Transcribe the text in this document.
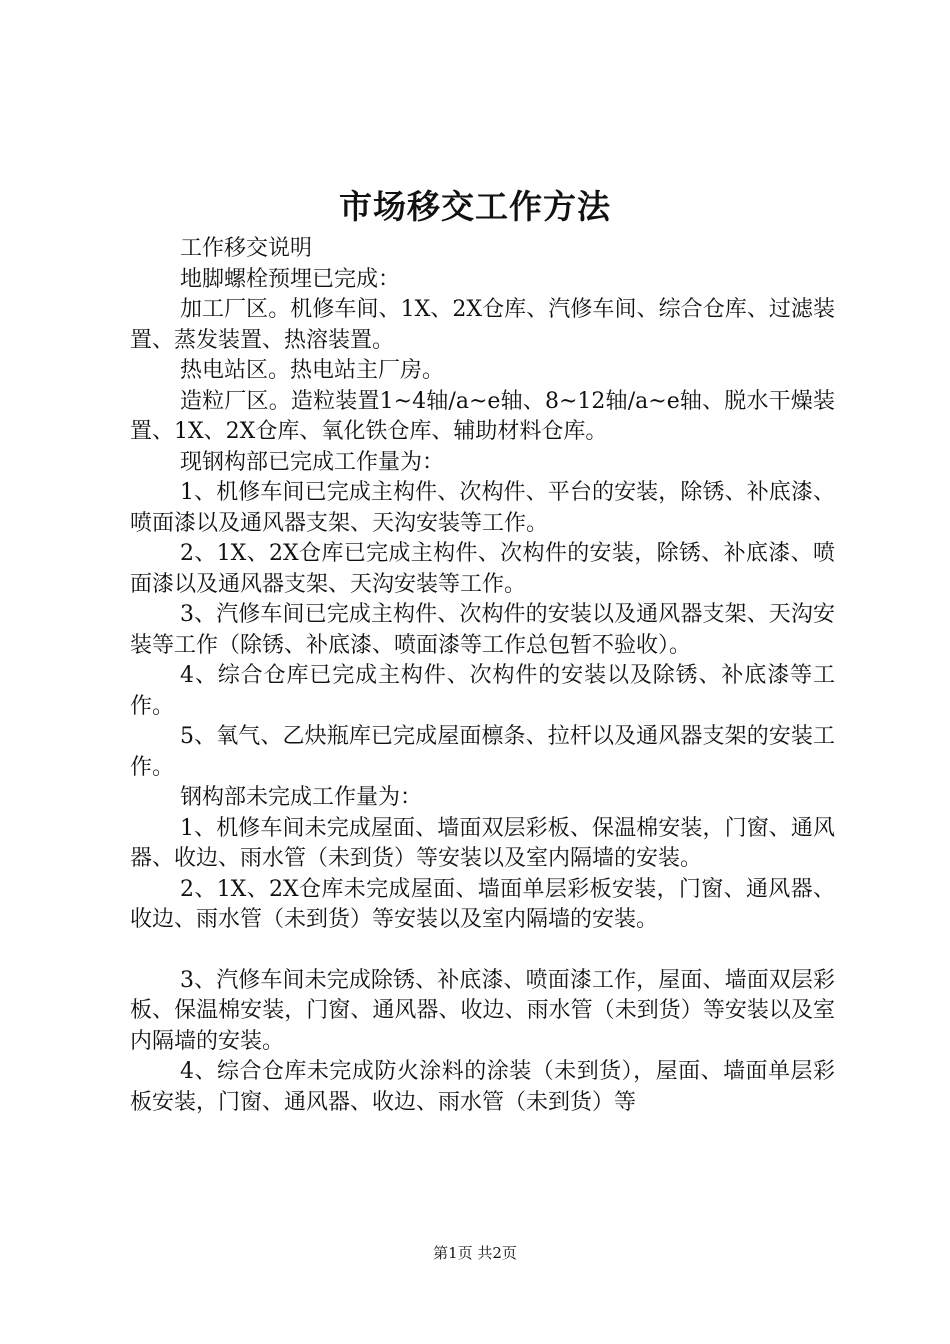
市场移交工作方法

工作移交说明

地脚螺栓预埋已完成：

加工厂区。机修车间、1X、2X仓库、汽修车间、综合仓库、过滤装置、蒸发装置、热溶装置。

热电站区。热电站主厂房。

造粒厂区。造粒装置1~4轴/a~e轴、8~12轴/a~e轴、脱水干燥装置、1X、2X仓库、氧化铁仓库、辅助材料仓库。

现钢构部已完成工作量为：

1、机修车间已完成主构件、次构件、平台的安装，除锈、补底漆、喷面漆以及通风器支架、天沟安装等工作。

2、1X、2X仓库已完成主构件、次构件的安装，除锈、补底漆、喷面漆以及通风器支架、天沟安装等工作。

3、汽修车间已完成主构件、次构件的安装以及通风器支架、天沟安装等工作（除锈、补底漆、喷面漆等工作总包暂不验收）。

4、综合仓库已完成主构件、次构件的安装以及除锈、补底漆等工作。

5、氧气、乙炔瓶库已完成屋面檩条、拉杆以及通风器支架的安装工作。

钢构部未完成工作量为：

1、机修车间未完成屋面、墙面双层彩板、保温棉安装，门窗、通风器、收边、雨水管（未到货）等安装以及室内隔墙的安装。

2、1X、2X仓库未完成屋面、墙面单层彩板安装，门窗、通风器、收边、雨水管（未到货）等安装以及室内隔墙的安装。

3、汽修车间未完成除锈、补底漆、喷面漆工作，屋面、墙面双层彩板、保温棉安装，门窗、通风器、收边、雨水管（未到货）等安装以及室内隔墙的安装。

4、综合仓库未完成防火涂料的涂装（未到货），屋面、墙面单层彩板安装，门窗、通风器、收边、雨水管（未到货）等

第1页 共2页
